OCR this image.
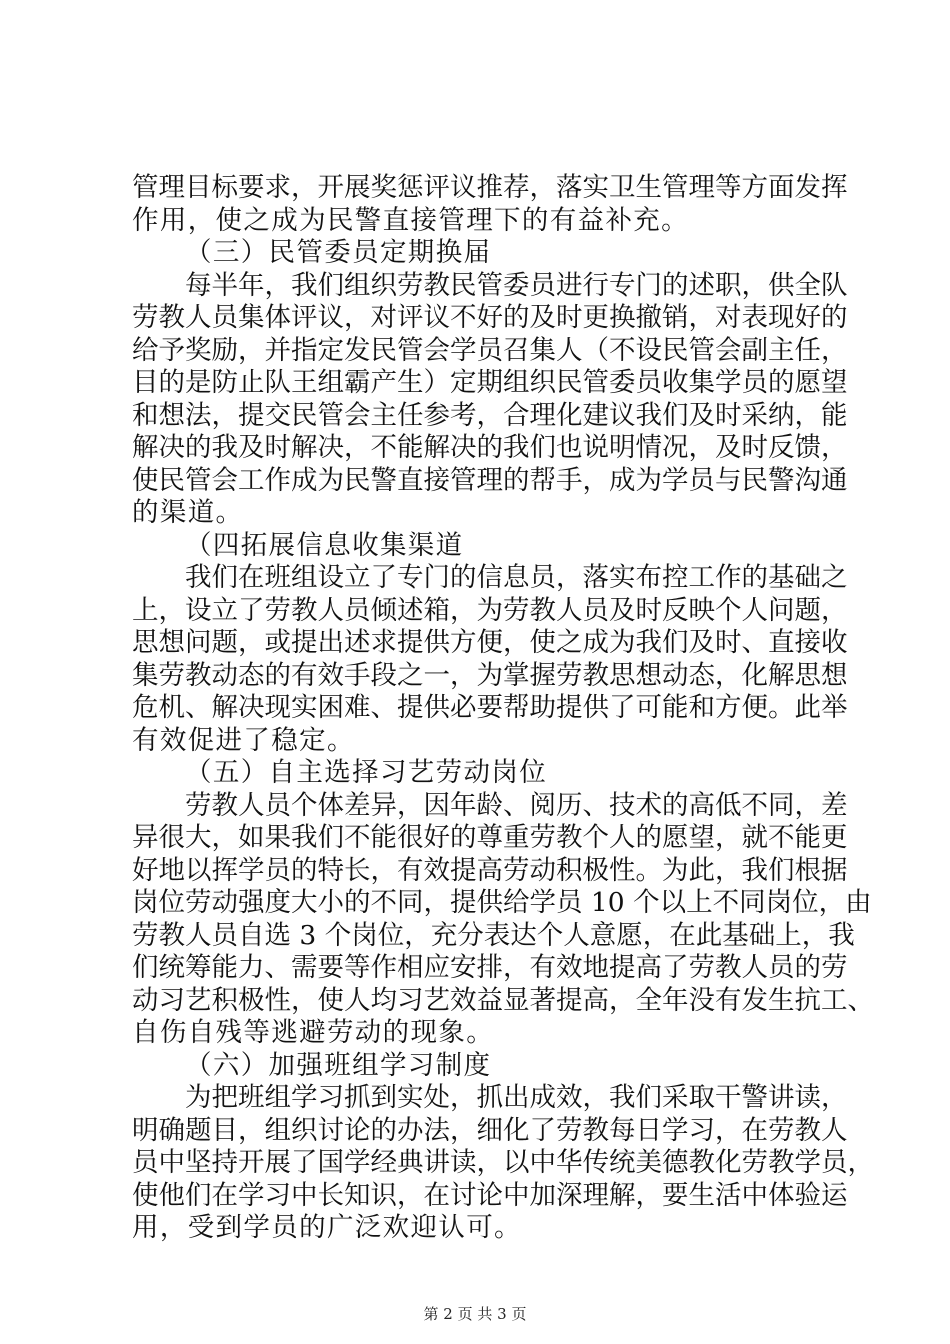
管理目标要求，开展奖惩评议推荐，落实卫生管理等方面发挥
作用，使之成为民警直接管理下的有益补充。
（三）民管委员定期换届
每半年，我们组织劳教民管委员进行专门的述职，供全队
劳教人员集体评议，对评议不好的及时更换撤销，对表现好的
给予奖励，并指定发民管会学员召集人（不设民管会副主任，
目的是防止队王组霸产生）定期组织民管委员收集学员的愿望
和想法，提交民管会主任参考，合理化建议我们及时采纳，能
解决的我及时解决，不能解决的我们也说明情况，及时反馈，
使民管会工作成为民警直接管理的帮手，成为学员与民警沟通
的渠道。
（四拓展信息收集渠道
我们在班组设立了专门的信息员，落实布控工作的基础之
上，设立了劳教人员倾述箱，为劳教人员及时反映个人问题，
思想问题，或提出述求提供方便，使之成为我们及时、直接收
集劳教动态的有效手段之一，为掌握劳教思想动态，化解思想
危机、解决现实困难、提供必要帮助提供了可能和方便。此举
有效促进了稳定。
（五）自主选择习艺劳动岗位
劳教人员个体差异，因年龄、阅历、技术的高低不同，差
异很大，如果我们不能很好的尊重劳教个人的愿望，就不能更
好地以挥学员的特长，有效提高劳动积极性。为此，我们根据
岗位劳动强度大小的不同，提供给学员 10 个以上不同岗位，由
劳教人员自选 3 个岗位，充分表达个人意愿，在此基础上，我
们统筹能力、需要等作相应安排，有效地提高了劳教人员的劳
动习艺积极性，使人均习艺效益显著提高，全年没有发生抗工、
自伤自残等逃避劳动的现象。
（六）加强班组学习制度
为把班组学习抓到实处，抓出成效，我们采取干警讲读，
明确题目，组织讨论的办法，细化了劳教每日学习，在劳教人
员中坚持开展了国学经典讲读，以中华传统美德教化劳教学员，
使他们在学习中长知识，在讨论中加深理解，要生活中体验运
用，受到学员的广泛欢迎认可。
第 2 页 共 3 页
